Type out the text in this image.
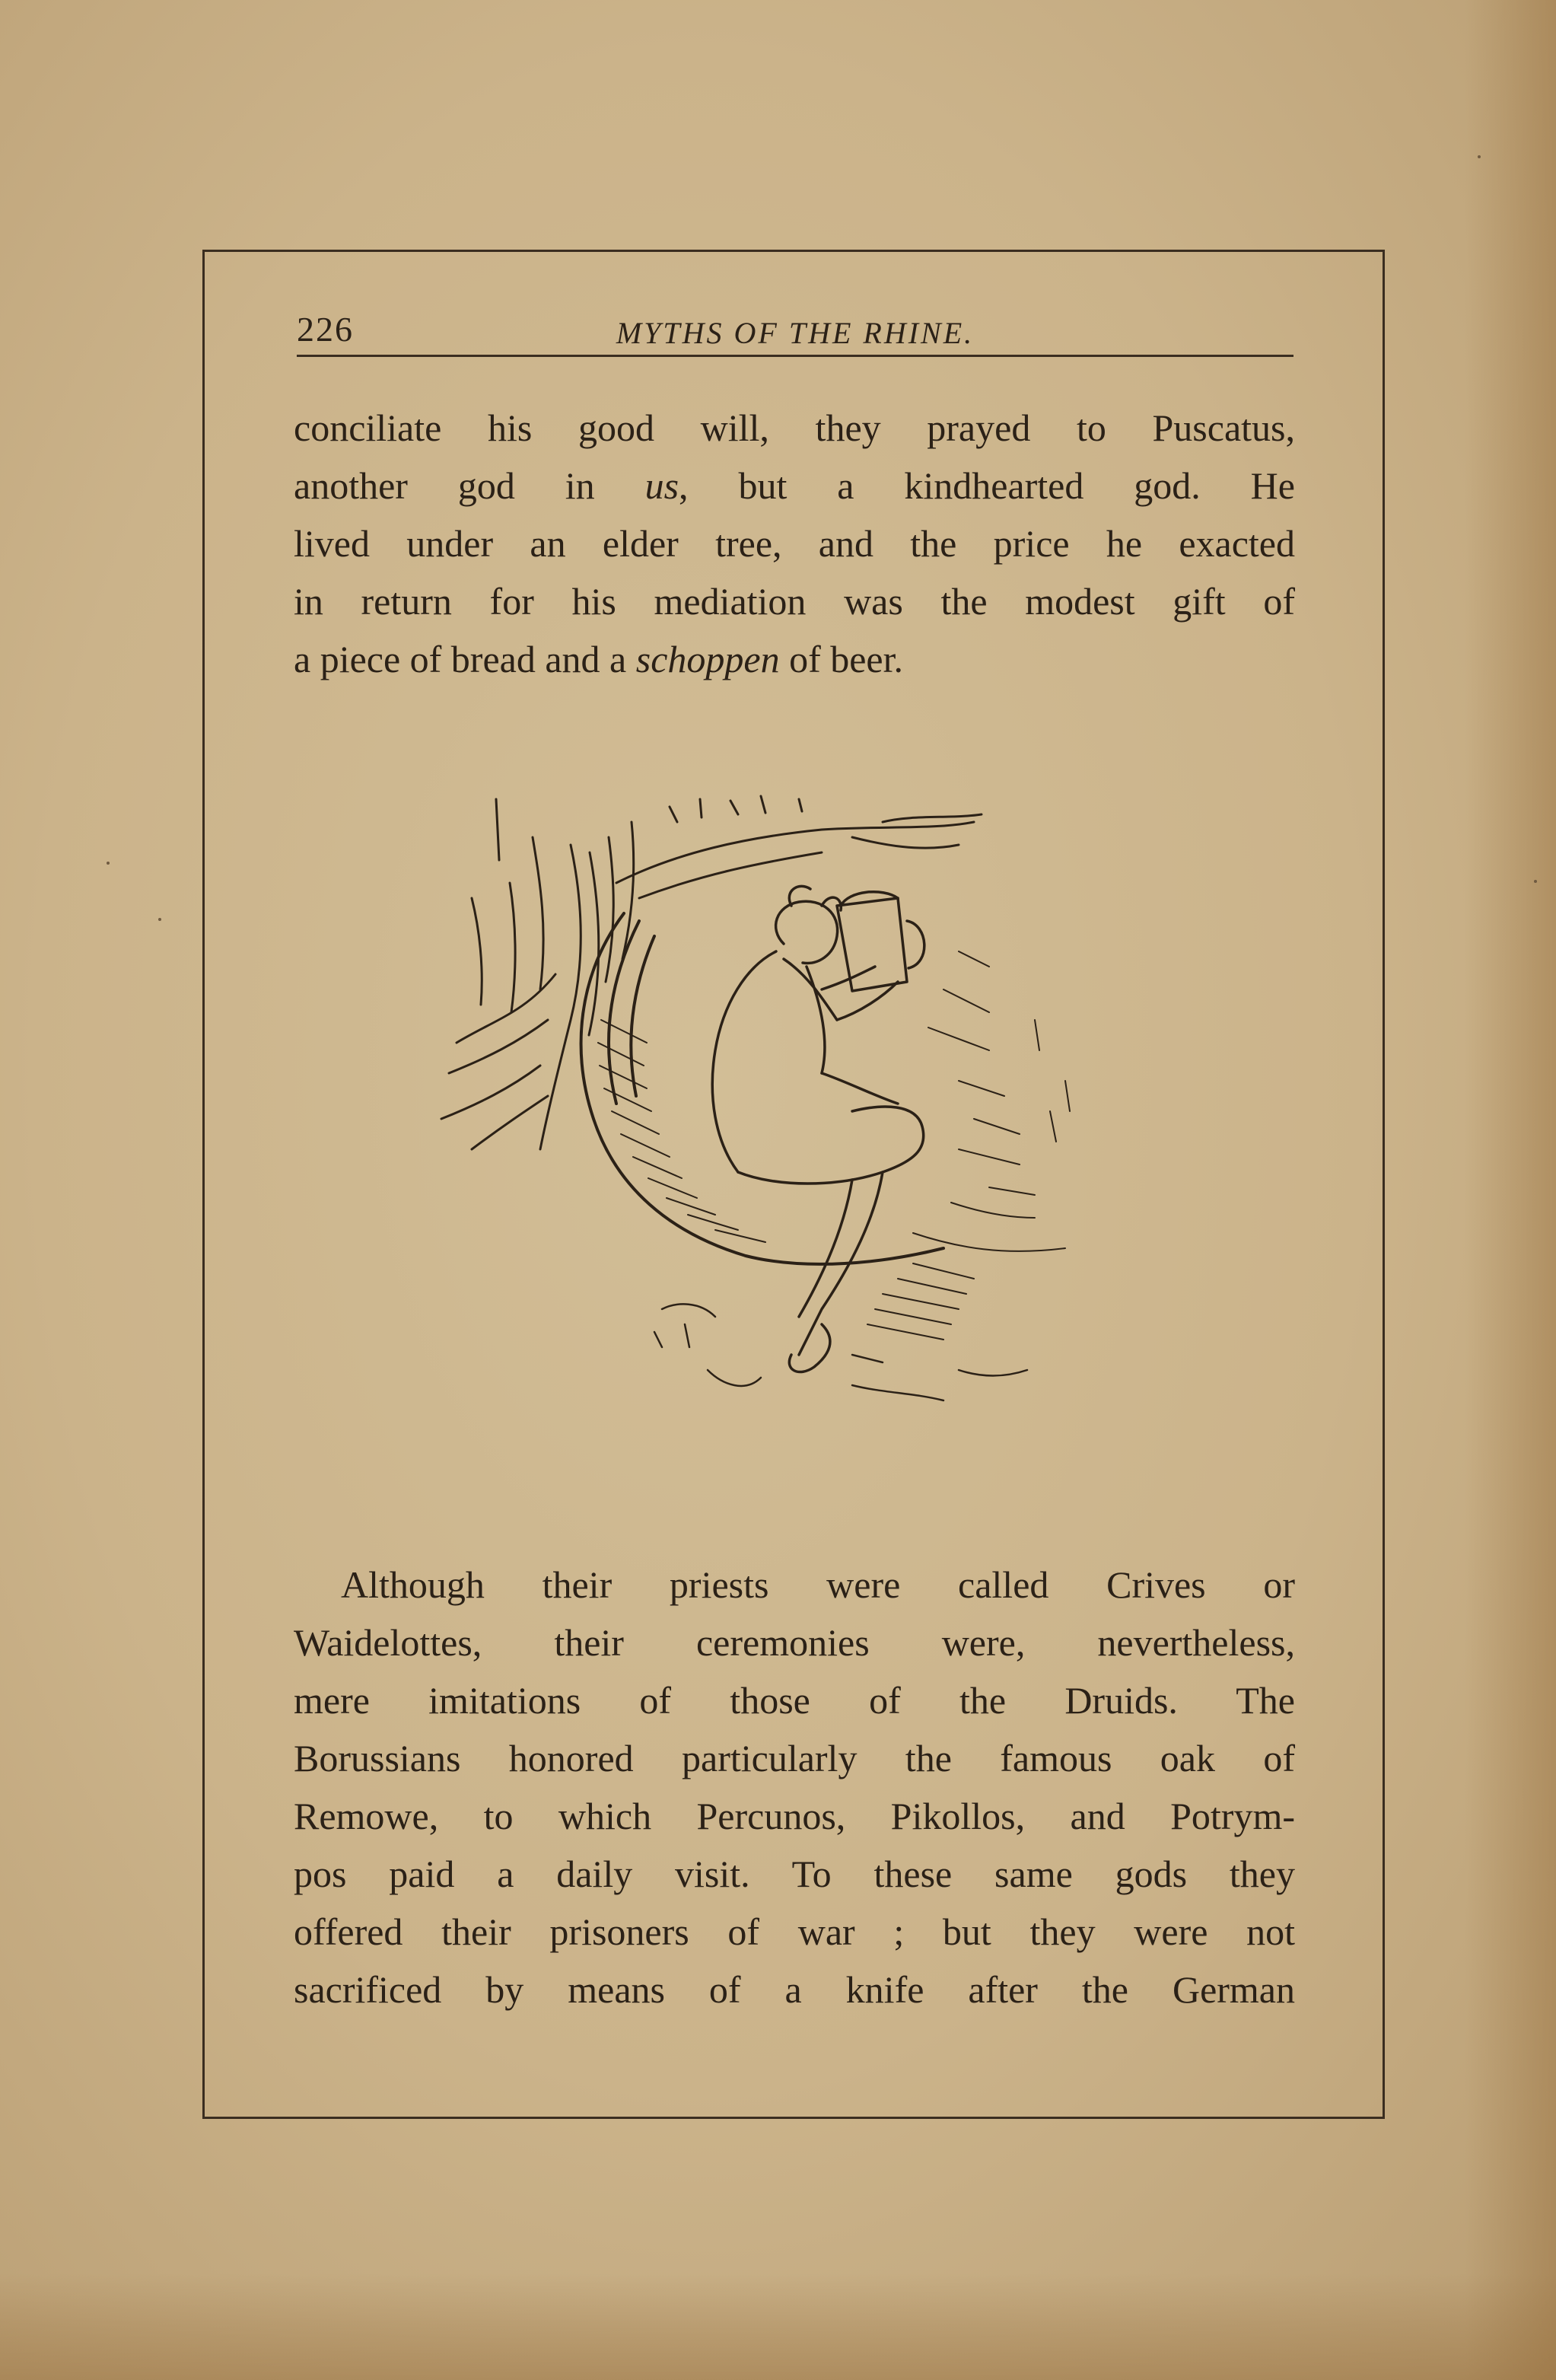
226	MYTHS OF THE RHINE.
conciliate his good will, they prayed to Puscatus,
another god in us, but a kindhearted god. He
lived under an elder tree, and the price he exacted
in return for his mediation was the modest gift of
a piece of bread and a schoppen of beer.
Although their priests were called Crives or
Waidelottes, their ceremonies were, nevertheless,
mere imitations of those of the Druids. The
Borussians honored particularly the famous oak of
Remowe, to which Percunos, Pikollos, and Potrym-
pos paid a daily visit. To these same gods they
offered their prisoners of war ; but they were not
sacrificed by means of a knife after the German
